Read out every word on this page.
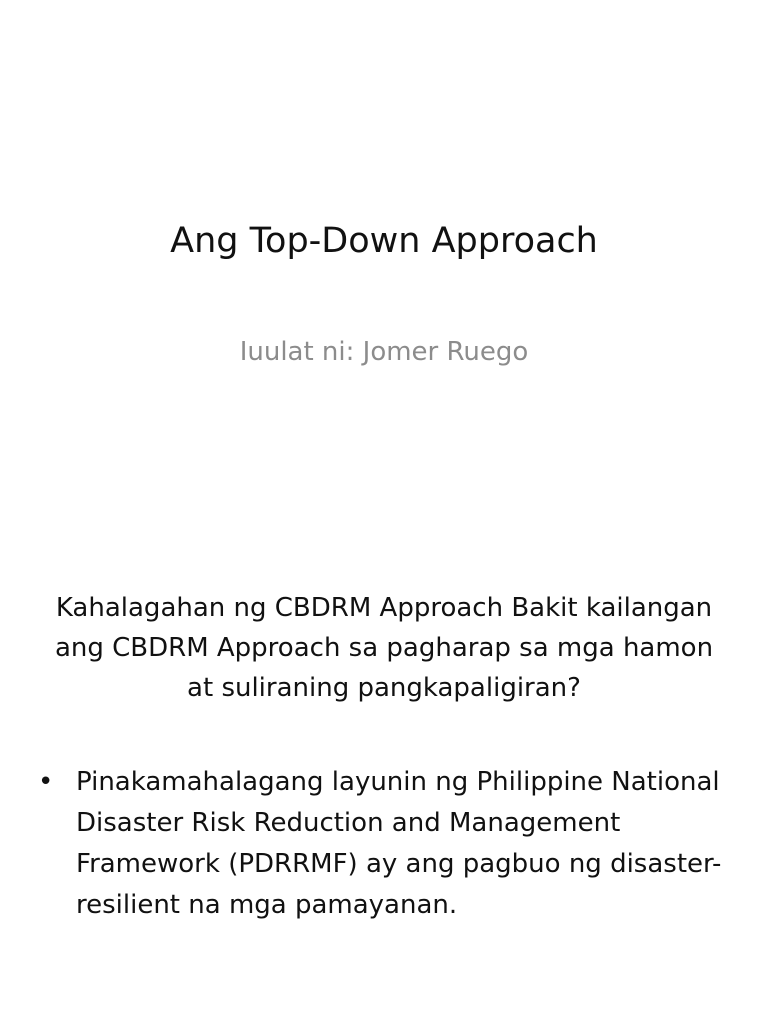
Ang Top-Down Approach
Iuulat ni: Jomer Ruego
Kahalagahan ng CBDRM Approach Bakit kailangan ang CBDRM Approach sa pagharap sa mga hamon at suliraning pangkapaligiran?
• Pinakamahalagang layunin ng Philippine National Disaster Risk Reduction and Management Framework (PDRRMF) ay ang pagbuo ng disaster-resilient na mga pamayanan.
